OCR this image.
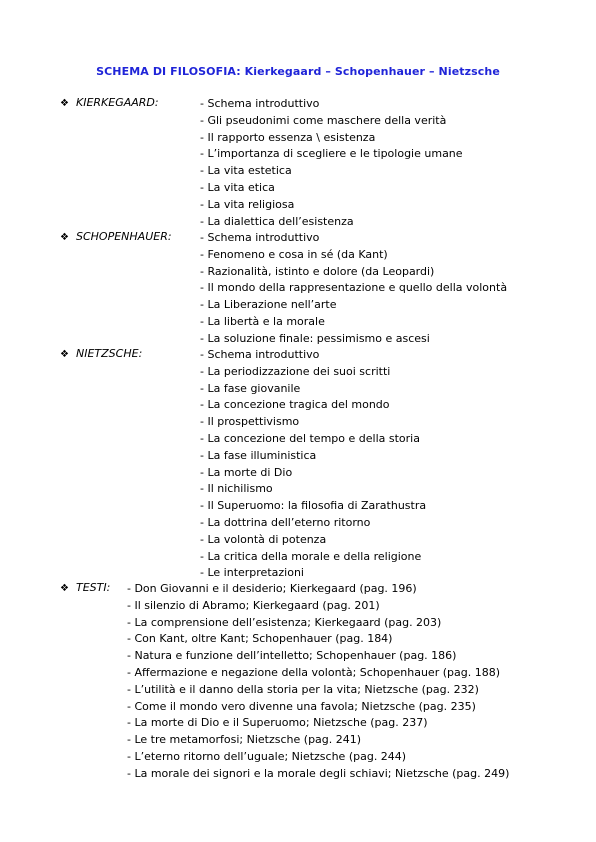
SCHEMA DI FILOSOFIA: Kierkegaard – Schopenhauer – Nietzsche
❖ KIERKEGAARD:	- Schema introduttivo
- Gli pseudonimi come maschere della verità
- Il rapporto essenza \ esistenza
- L’importanza di scegliere e le tipologie umane
- La vita estetica
- La vita etica
- La vita religiosa
- La dialettica dell’esistenza
❖ SCHOPENHAUER:	- Schema introduttivo
- Fenomeno e cosa in sé (da Kant)
- Razionalità, istinto e dolore (da Leopardi)
- Il mondo della rappresentazione e quello della volontà
- La Liberazione nell’arte
- La libertà e la morale
- La soluzione finale: pessimismo e ascesi
❖ NIETZSCHE:	- Schema introduttivo
- La periodizzazione dei suoi scritti
- La fase giovanile
- La concezione tragica del mondo
- Il prospettivismo
- La concezione del tempo e della storia
- La fase illuministica
- La morte di Dio
- Il nichilismo
- Il Superuomo: la filosofia di Zarathustra
- La dottrina dell’eterno ritorno
- La volontà di potenza
- La critica della morale e della religione
- Le interpretazioni
❖ TESTI: - Don Giovanni e il desiderio; Kierkegaard (pag. 196)
- Il silenzio di Abramo; Kierkegaard (pag. 201)
- La comprensione dell’esistenza; Kierkegaard (pag. 203)
- Con Kant, oltre Kant; Schopenhauer (pag. 184)
- Natura e funzione dell’intelletto; Schopenhauer (pag. 186)
- Affermazione e negazione della volontà; Schopenhauer (pag. 188)
- L’utilità e il danno della storia per la vita; Nietzsche (pag. 232)
- Come il mondo vero divenne una favola; Nietzsche (pag. 235)
- La morte di Dio e il Superuomo; Nietzsche (pag. 237)
- Le tre metamorfosi; Nietzsche (pag. 241)
- L’eterno ritorno dell’uguale; Nietzsche (pag. 244)
- La morale dei signori e la morale degli schiavi; Nietzsche (pag. 249)
